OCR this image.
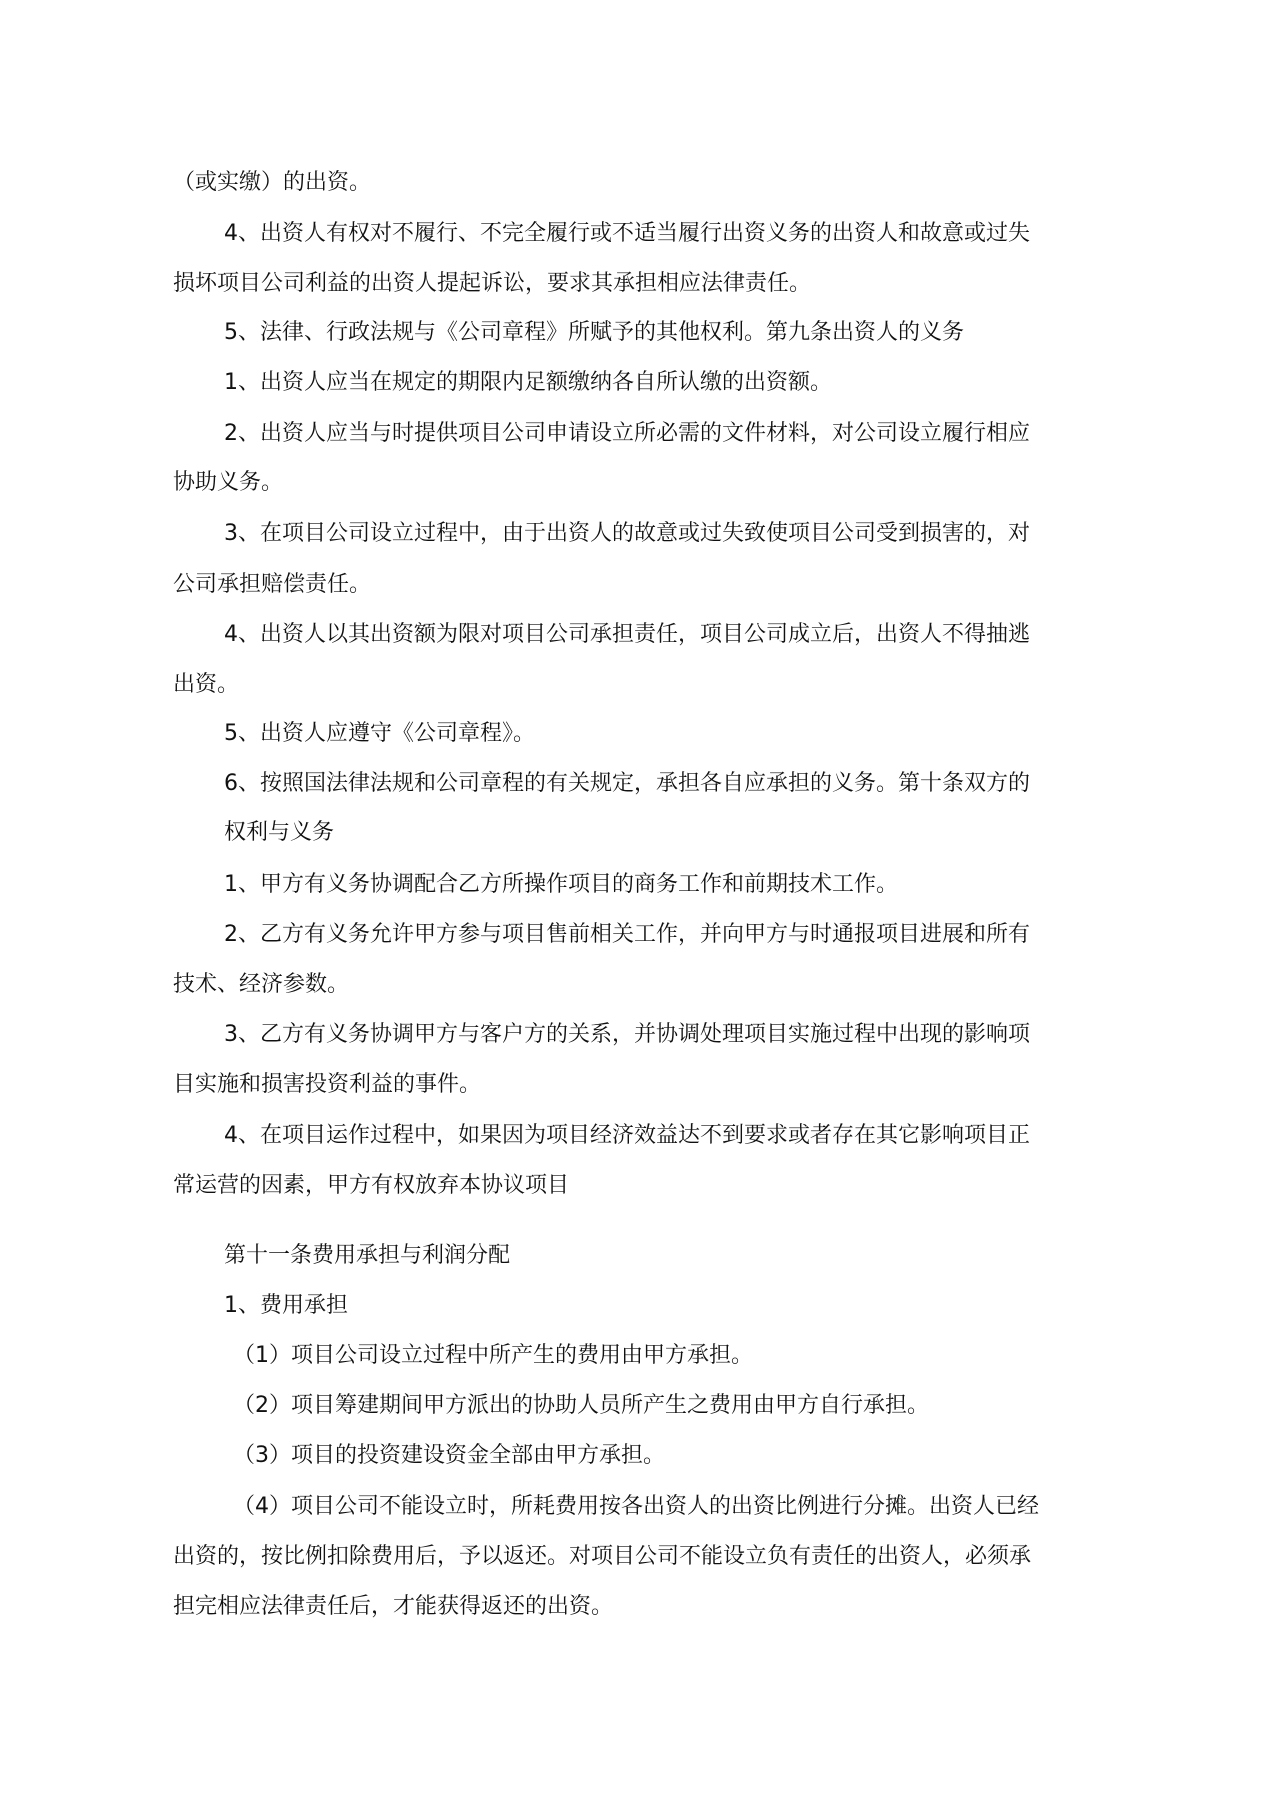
（或实缴）的出资。
4、出资人有权对不履行、不完全履行或不适当履行出资义务的出资人和故意或过失
损坏项目公司利益的出资人提起诉讼，要求其承担相应法律责任。
5、法律、行政法规与《公司章程》所赋予的其他权利。第九条出资人的义务
1、出资人应当在规定的期限内足额缴纳各自所认缴的出资额。
2、出资人应当与时提供项目公司申请设立所必需的文件材料，对公司设立履行相应
协助义务。
3、在项目公司设立过程中，由于出资人的故意或过失致使项目公司受到损害的，对
公司承担赔偿责任。
4、出资人以其出资额为限对项目公司承担责任，项目公司成立后，出资人不得抽逃
出资。
5、出资人应遵守《公司章程》。
6、按照国法律法规和公司章程的有关规定，承担各自应承担的义务。第十条双方的
权利与义务
1、甲方有义务协调配合乙方所操作项目的商务工作和前期技术工作。
2、乙方有义务允许甲方参与项目售前相关工作，并向甲方与时通报项目进展和所有
技术、经济参数。
3、乙方有义务协调甲方与客户方的关系，并协调处理项目实施过程中出现的影响项
目实施和损害投资利益的事件。
4、在项目运作过程中，如果因为项目经济效益达不到要求或者存在其它影响项目正
常运营的因素，甲方有权放弃本协议项目
第十一条费用承担与利润分配
1、费用承担
（1）项目公司设立过程中所产生的费用由甲方承担。
（2）项目筹建期间甲方派出的协助人员所产生之费用由甲方自行承担。
（3）项目的投资建设资金全部由甲方承担。
（4）项目公司不能设立时，所耗费用按各出资人的出资比例进行分摊。出资人已经
出资的，按比例扣除费用后，予以返还。对项目公司不能设立负有责任的出资人，必须承
担完相应法律责任后，才能获得返还的出资。
